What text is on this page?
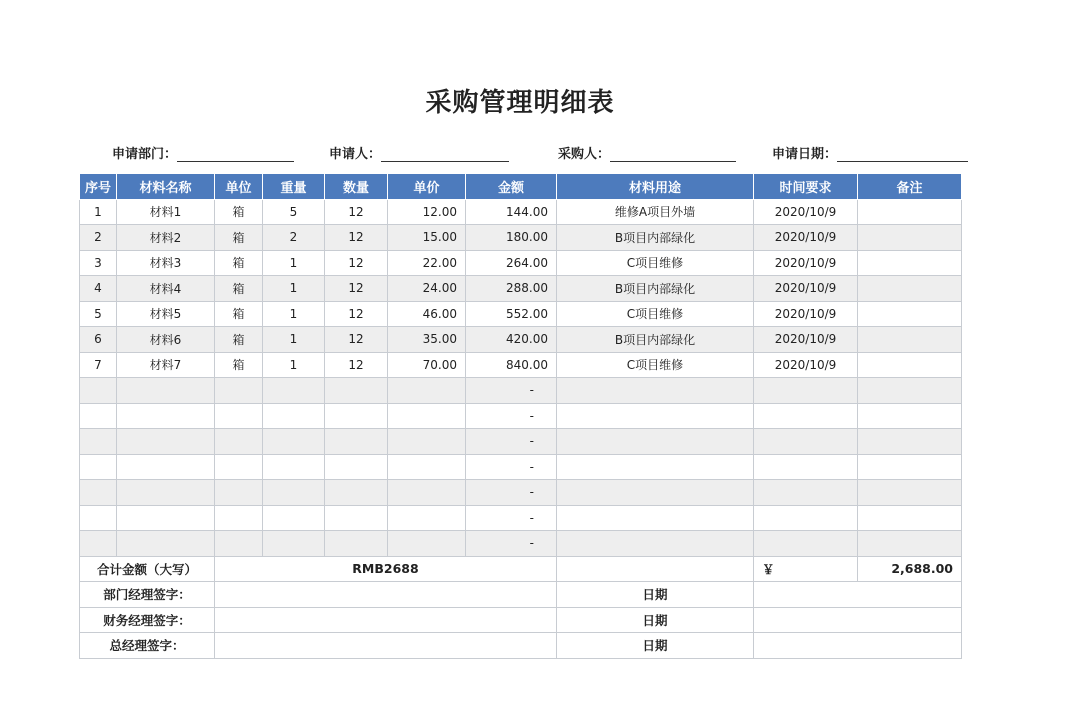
采购管理明细表
申请部门：	申请人：	采购人：	申请日期：
序号	材料名称	单位	重量	数量	单价	金额	材料用途	时间要求	备注
1	材料1	箱	5	12	12.00	144.00	维修A项目外墙	2020/10/9	
2	材料2	箱	2	12	15.00	180.00	B项目内部绿化	2020/10/9	
3	材料3	箱	1	12	22.00	264.00	C项目维修	2020/10/9	
4	材料4	箱	1	12	24.00	288.00	B项目内部绿化	2020/10/9	
5	材料5	箱	1	12	46.00	552.00	C项目维修	2020/10/9	
6	材料6	箱	1	12	35.00	420.00	B项目内部绿化	2020/10/9	
7	材料7	箱	1	12	70.00	840.00	C项目维修	2020/10/9	
						-			
						-			
						-			
						-			
						-			
						-			
						-			
合计金额（大写）		RMB2688						￥	2,688.00
部门经理签字：							日期		
财务经理签字：							日期		
总经理签字：							日期		
